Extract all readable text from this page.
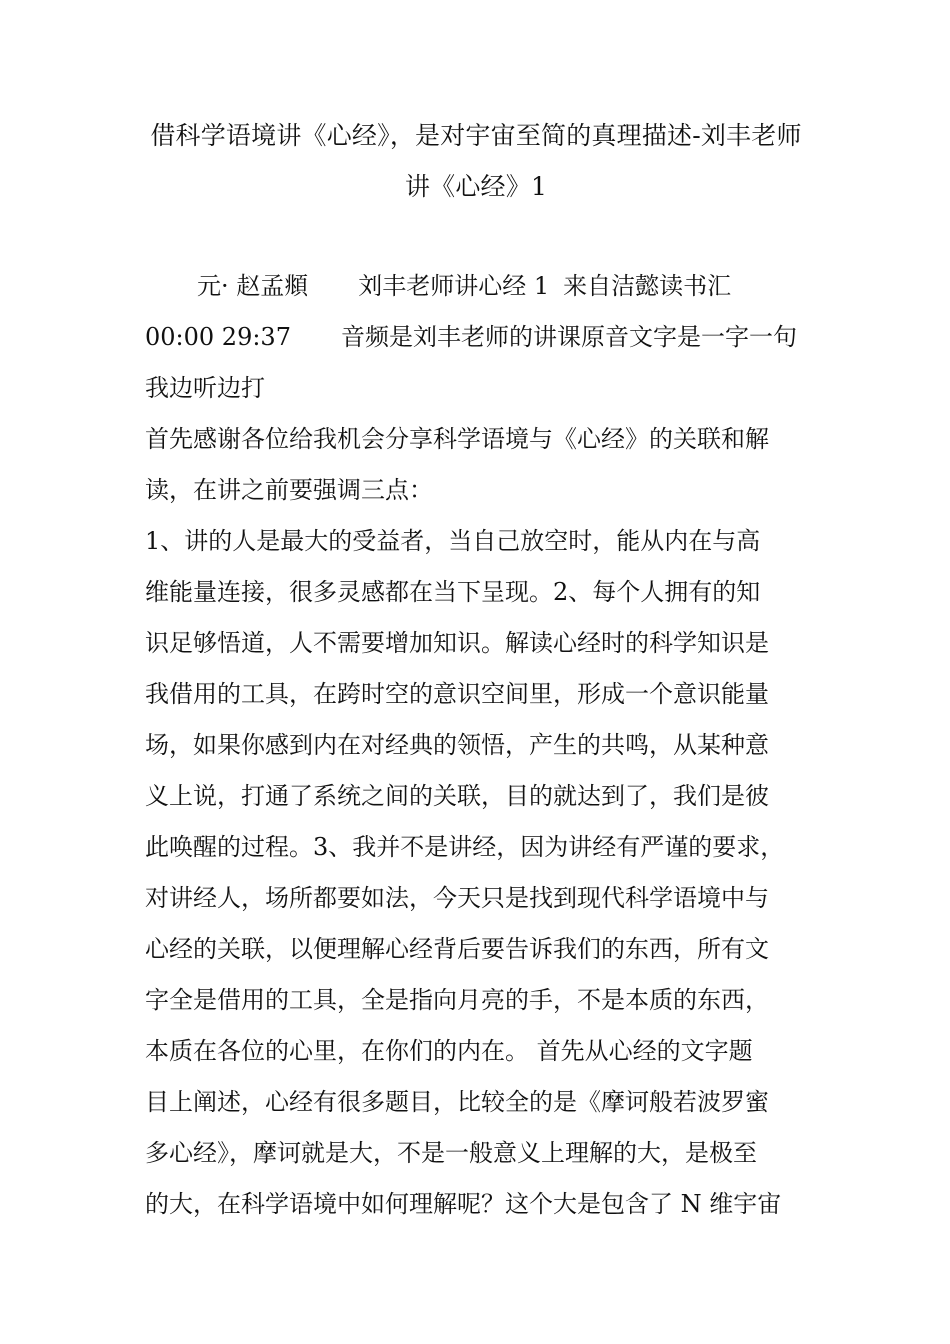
借科学语境讲《心经》，是对宇宙至简的真理描述-刘丰老师
讲《心经》1
元· 赵孟頫 刘丰老师讲心经 1 来自洁懿读书汇
00:00 29:37 音频是刘丰老师的讲课原音文字是一字一句
我边听边打
首先感谢各位给我机会分享科学语境与《心经》的关联和解
读，在讲之前要强调三点：
1、讲的人是最大的受益者，当自己放空时，能从内在与高
维能量连接，很多灵感都在当下呈现。2、每个人拥有的知
识足够悟道，人不需要增加知识。解读心经时的科学知识是
我借用的工具，在跨时空的意识空间里，形成一个意识能量
场，如果你感到内在对经典的领悟，产生的共鸣，从某种意
义上说，打通了系统之间的关联，目的就达到了，我们是彼
此唤醒的过程。3、我并不是讲经，因为讲经有严谨的要求，
对讲经人，场所都要如法，今天只是找到现代科学语境中与
心经的关联，以便理解心经背后要告诉我们的东西，所有文
字全是借用的工具，全是指向月亮的手，不是本质的东西，
本质在各位的心里，在你们的内在。 首先从心经的文字题
目上阐述，心经有很多题目，比较全的是《摩诃般若波罗蜜
多心经》，摩诃就是大，不是一般意义上理解的大，是极至
的大，在科学语境中如何理解呢？这个大是包含了 N 维宇宙
